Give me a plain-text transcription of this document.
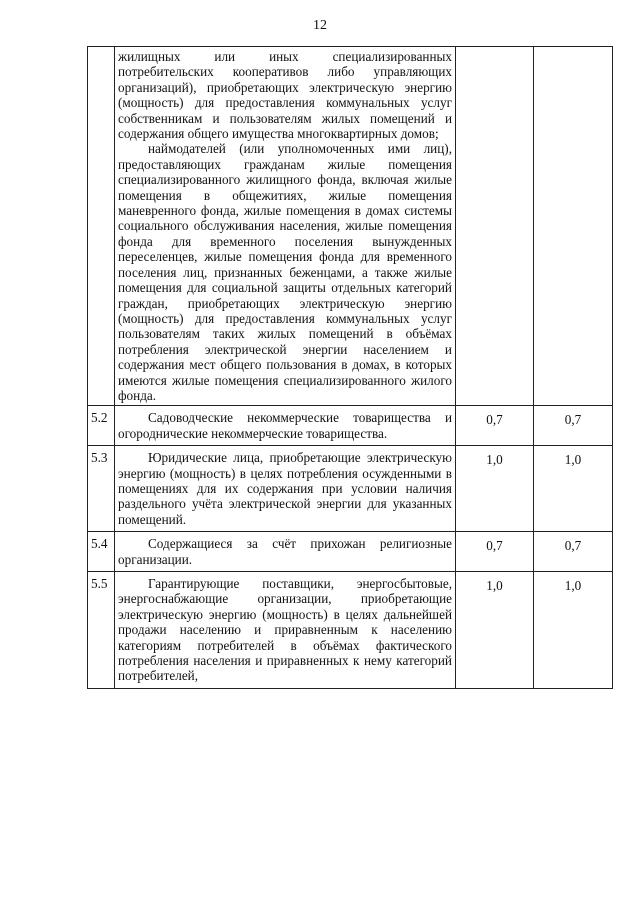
12

	жилищных или иных специализированных потребительских кооперативов либо управляющих организаций), приобретающих электрическую энергию (мощность) для предоставления коммунальных услуг собственникам и пользователям жилых помещений и содержания общего имущества многоквартирных домов;

наймодателей (или уполномоченных ими лиц), предоставляющих гражданам жилые помещения специализированного жилищного фонда, включая жилые помещения в общежитиях, жилые помещения маневренного фонда, жилые помещения в домах системы социального обслуживания населения, жилые помещения фонда для временного поселения вынужденных переселенцев, жилые помещения фонда для временного поселения лиц, признанных беженцами, а также жилые помещения для социальной защиты отдельных категорий граждан, приобретающих электрическую энергию (мощность) для предоставления коммунальных услуг пользователям таких жилых помещений в объёмах потребления электрической энергии населением и содержания мест общего пользования в домах, в которых имеются жилые помещения специализированного жилого фонда.		

5.2	Садоводческие некоммерческие товарищества и огороднические некоммерческие товарищества.	0,7	0,7
5.3	Юридические лица, приобретающие электрическую энергию (мощность) в целях потребления осужденными в помещениях для их содержания при условии наличия раздельного учёта электрической энергии для указанных помещений.	1,0	1,0
5.4	Содержащиеся за счёт прихожан религиозные организации.	0,7	0,7
5.5	Гарантирующие поставщики, энергосбытовые, энергоснабжающие организации, приобретающие электрическую энергию (мощность) в целях дальнейшей продажи населению и приравненным к населению категориям потребителей в объёмах фактического потребления населения и приравненных к нему категорий потребителей,	1,0	1,0
